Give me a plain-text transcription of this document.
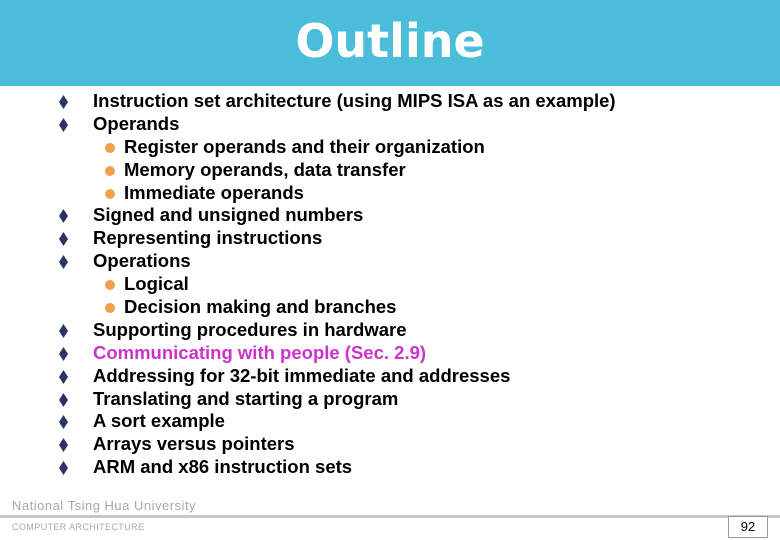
Outline
Instruction set architecture (using MIPS ISA as an example)
Operands
Register operands and their organization
Memory operands, data transfer
Immediate operands
Signed and unsigned numbers
Representing instructions
Operations
Logical
Decision making and branches
Supporting procedures in hardware
Communicating with people (Sec. 2.9)
Addressing for 32-bit immediate and addresses
Translating and starting a program
A sort example
Arrays versus pointers
ARM and x86 instruction sets
National Tsing Hua University
COMPUTER ARCHITECTURE	92
